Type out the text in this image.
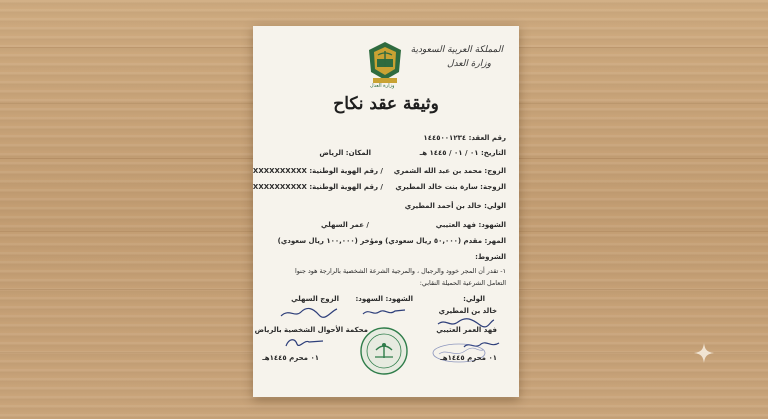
المملكة العربية السعودية
وزارة العدل
وزارة العدل
وثيقة عقد نكاح
رقم العقد: ١٤٤٥٠٠١٢٣٤
التاريخ: ٠١ / ٠١ / ١٤٤٥ هـ
المكان: الرياض
الزوج: محمد بن عبد الله الشمري
/ رقم الهوية الوطنية: XXXXXXXXXX
الزوجة: سارة بنت خالد المطيري
/ رقم الهوية الوطنية: XXXXXXXXXX
الولي: خالد بن أحمد المطيري
الشهود: فهد العتيبي
/ عمر السهلي
المهر: مقدم (٥٠,٠٠٠ ريال سعودي) ومؤخر (١٠٠,٠٠٠ ريال سعودي)
الشروط:
١- تقدر أن المجر خوود والرجبال ، والمرجية الشرعة الشخصية بالرارجة هود جنوا
التعامل الشرعية الحميلة النقابي:
الولي:
الشهود: السهود:
الزوج السهلي
خالد بن المطيري
فهد العمر العتيبي
محكمة الأحوال الشخصية بالرياض
٠١ محرم ١٤٤٥هـ	٠١ محرم ١٤٤٥هـ
